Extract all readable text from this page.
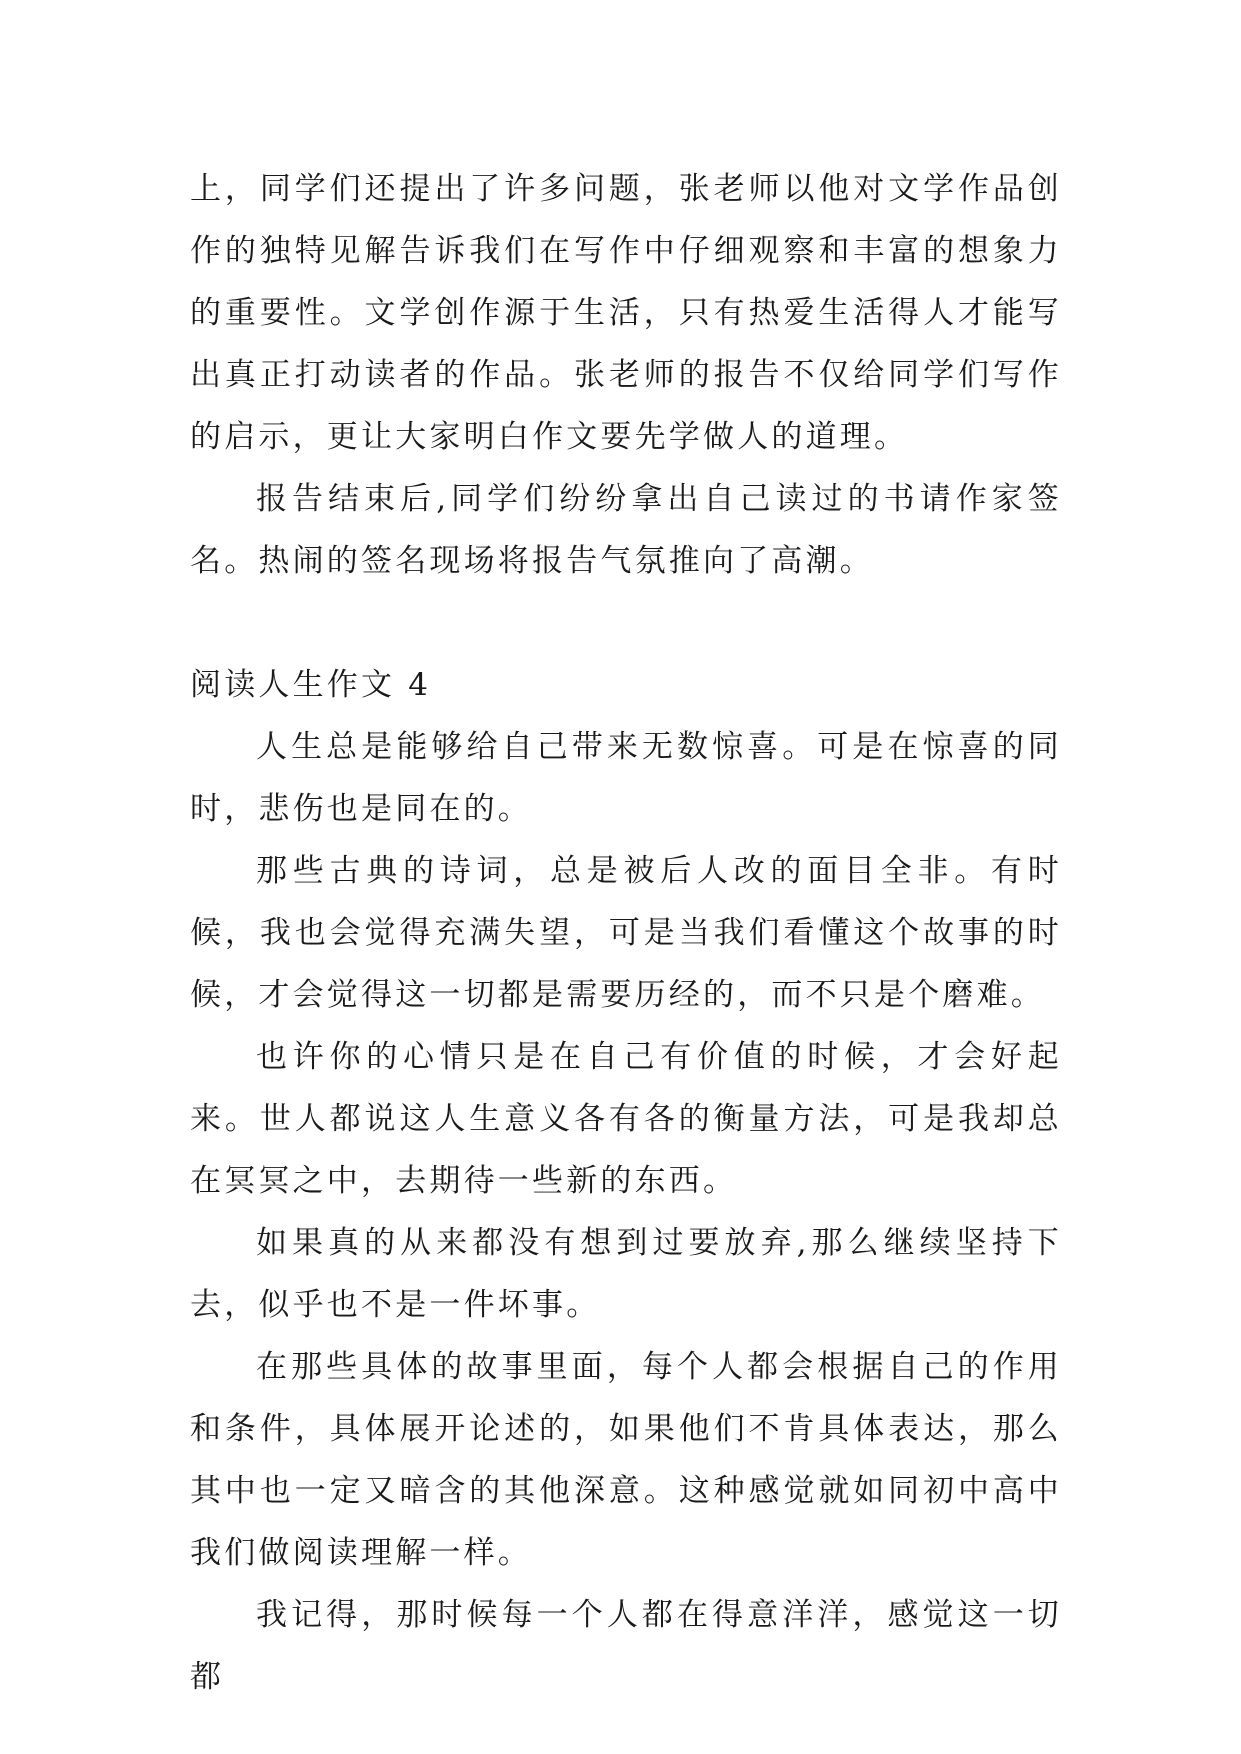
上，同学们还提出了许多问题，张老师以他对文学作品创作的独特见解告诉我们在写作中仔细观察和丰富的想象力的重要性。文学创作源于生活，只有热爱生活得人才能写出真正打动读者的作品。张老师的报告不仅给同学们写作的启示，更让大家明白作文要先学做人的道理。

报告结束后,同学们纷纷拿出自己读过的书请作家签名。热闹的签名现场将报告气氛推向了高潮。

阅读人生作文 4

人生总是能够给自己带来无数惊喜。可是在惊喜的同时，悲伤也是同在的。

那些古典的诗词，总是被后人改的面目全非。有时候，我也会觉得充满失望，可是当我们看懂这个故事的时候，才会觉得这一切都是需要历经的，而不只是个磨难。

也许你的心情只是在自己有价值的时候，才会好起来。世人都说这人生意义各有各的衡量方法，可是我却总在冥冥之中，去期待一些新的东西。

如果真的从来都没有想到过要放弃,那么继续坚持下去，似乎也不是一件坏事。

在那些具体的故事里面，每个人都会根据自己的作用和条件，具体展开论述的，如果他们不肯具体表达，那么其中也一定又暗含的其他深意。这种感觉就如同初中高中我们做阅读理解一样。

我记得，那时候每一个人都在得意洋洋，感觉这一切都
